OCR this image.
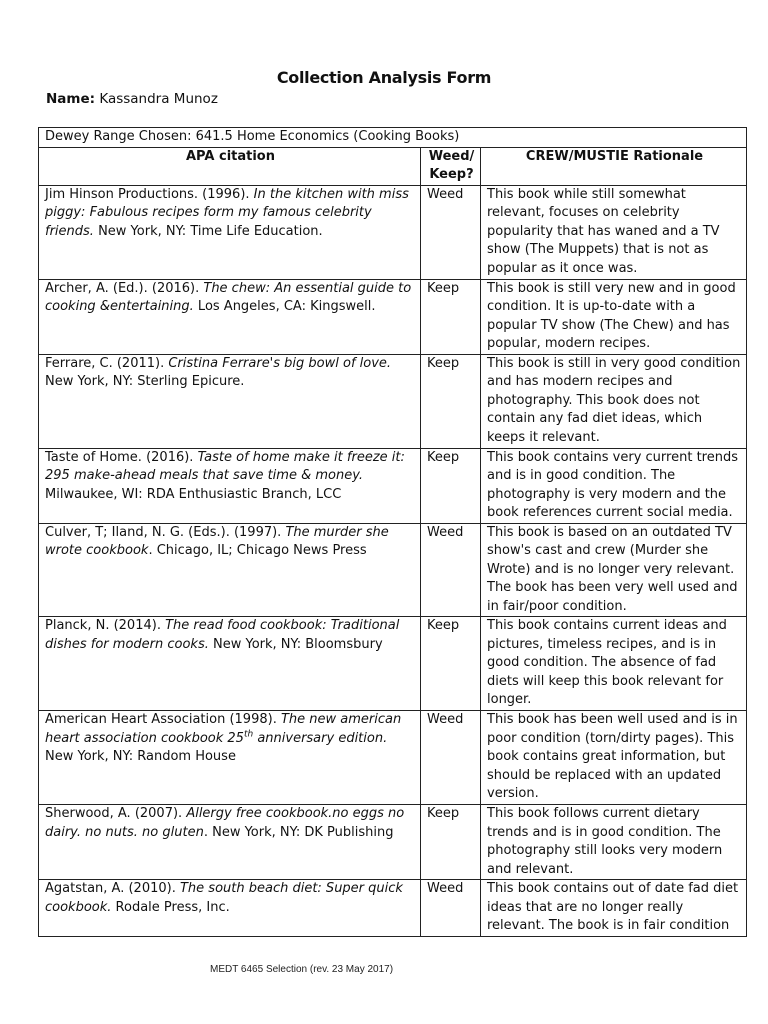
Collection Analysis Form
Name: Kassandra Munoz
Dewey Range Chosen: 641.5 Home Economics (Cooking Books)		
APA citation	Weed/ Keep?	CREW/MUSTIE Rationale
Jim Hinson Productions. (1996). In the kitchen with miss piggy: Fabulous recipes form my famous celebrity friends. New York, NY: Time Life Education.	Weed	This book while still somewhat relevant, focuses on celebrity popularity that has waned and a TV show (The Muppets) that is not as popular as it once was.
Archer, A. (Ed.). (2016). The chew: An essential guide to cooking &entertaining. Los Angeles, CA: Kingswell.	Keep	This book is still very new and in good condition. It is up-to-date with a popular TV show (The Chew) and has popular, modern recipes.
Ferrare, C. (2011). Cristina Ferrare's big bowl of love. New York, NY: Sterling Epicure.	Keep	This book is still in very good condition and has modern recipes and photography. This book does not contain any fad diet ideas, which keeps it relevant.
Taste of Home. (2016). Taste of home make it freeze it: 295 make-ahead meals that save time & money. Milwaukee, WI: RDA Enthusiastic Branch, LCC	Keep	This book contains very current trends and is in good condition. The photography is very modern and the book references current social media.
Culver, T; Iland, N. G. (Eds.). (1997). The murder she wrote cookbook. Chicago, IL; Chicago News Press	Weed	This book is based on an outdated TV show's cast and crew (Murder she Wrote) and is no longer very relevant. The book has been very well used and in fair/poor condition.
Planck, N. (2014). The read food cookbook: Traditional dishes for modern cooks. New York, NY: Bloomsbury	Keep	This book contains current ideas and pictures, timeless recipes, and is in good condition. The absence of fad diets will keep this book relevant for longer.
American Heart Association (1998). The new american heart association cookbook 25th anniversary edition. New York, NY: Random House	Weed	This book has been well used and is in poor condition (torn/dirty pages). This book contains great information, but should be replaced with an updated version.
Sherwood, A. (2007). Allergy free cookbook.no eggs no dairy. no nuts. no gluten. New York, NY: DK Publishing	Keep	This book follows current dietary trends and is in good condition. The photography still looks very modern and relevant.
Agatstan, A. (2010). The south beach diet: Super quick cookbook. Rodale Press, Inc.	Weed	This book contains out of date fad diet ideas that are no longer really relevant. The book is in fair condition
MEDT 6465 Selection (rev. 23 May 2017)
